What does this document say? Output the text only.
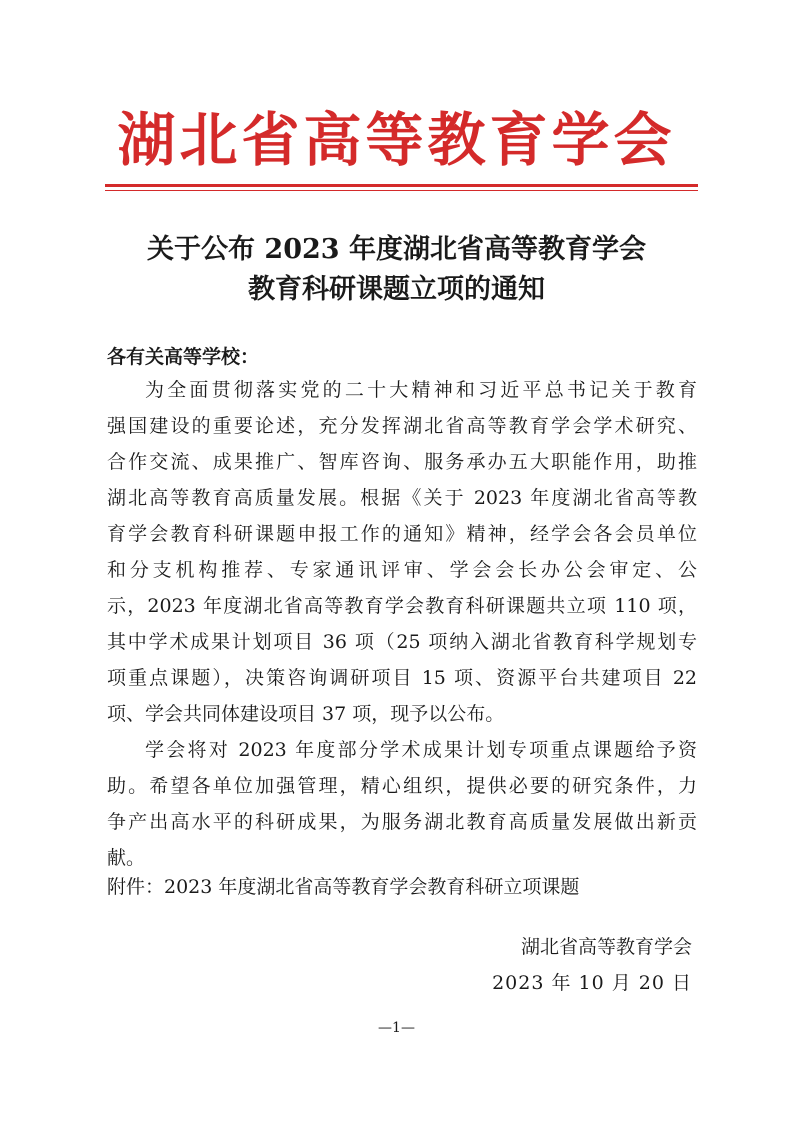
湖北省高等教育学会
关于公布 2023 年度湖北省高等教育学会
教育科研课题立项的通知
各有关高等学校：
为全面贯彻落实党的二十大精神和习近平总书记关于教育
强国建设的重要论述，充分发挥湖北省高等教育学会学术研究、
合作交流、成果推广、智库咨询、服务承办五大职能作用，助推
湖北高等教育高质量发展。根据《关于 2023 年度湖北省高等教
育学会教育科研课题申报工作的通知》精神，经学会各会员单位
和分支机构推荐、专家通讯评审、学会会长办公会审定、公
示，2023 年度湖北省高等教育学会教育科研课题共立项 110 项，
其中学术成果计划项目 36 项（25 项纳入湖北省教育科学规划专
项重点课题），决策咨询调研项目 15 项、资源平台共建项目 22
项、学会共同体建设项目 37 项，现予以公布。
学会将对 2023 年度部分学术成果计划专项重点课题给予资
助。希望各单位加强管理，精心组织，提供必要的研究条件，力
争产出高水平的科研成果，为服务湖北教育高质量发展做出新贡
献。
附件：2023 年度湖北省高等教育学会教育科研立项课题
湖北省高等教育学会
2023 年 10 月 20 日
—1—
